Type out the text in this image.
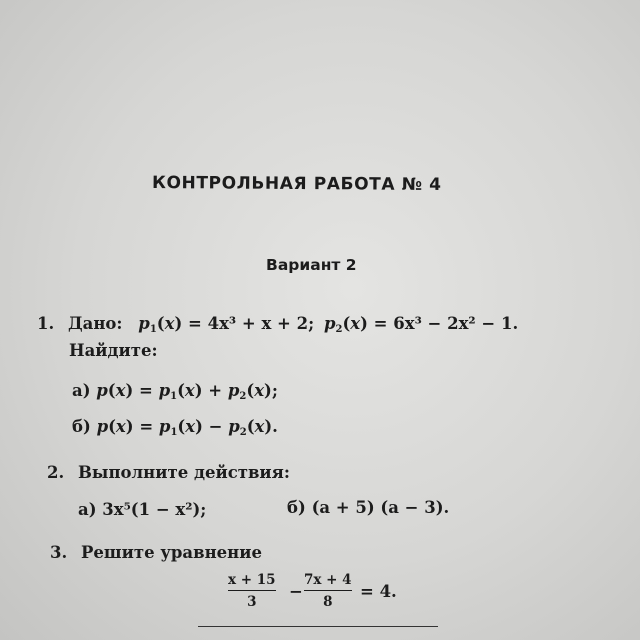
КОНТРОЛЬНАЯ РАБОТА № 4
Вариант 2
1. Дано: $p_1(x) = 4x^3 + x + 2$; $p_2(x) = 6x^3 - 2x^2 - 1$.
Найдите:
а) $p(x) = p_1(x) + p_2(x)$;
б) $p(x) = p_1(x) - p_2(x)$.
2. Выполните действия:
а) 3x⁵(1 − x²);	б) (a + 5) (a − 3).
3. Решите уравнение
x + 15
3
−
7x + 4
8
= 4.
